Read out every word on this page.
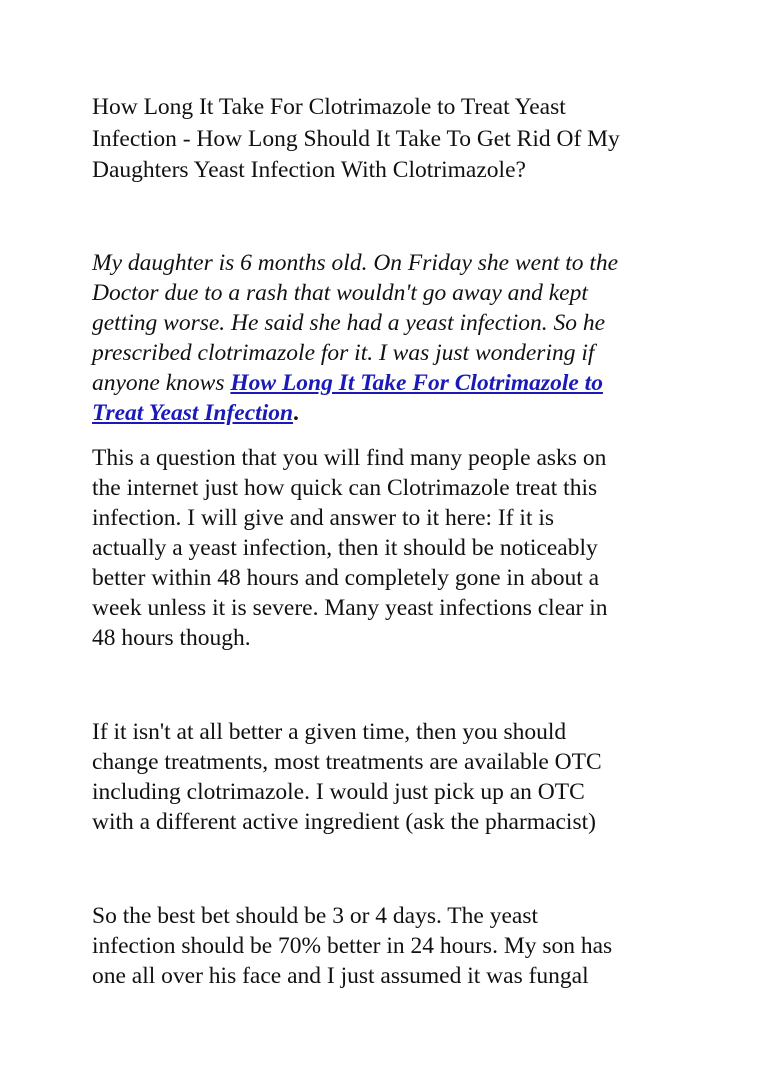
How Long It Take For Clotrimazole to Treat Yeast
Infection - How Long Should It Take To Get Rid Of My
Daughters Yeast Infection With Clotrimazole?
My daughter is 6 months old. On Friday she went to the
Doctor due to a rash that wouldn't go away and kept
getting worse. He said she had a yeast infection. So he
prescribed clotrimazole for it. I was just wondering if
anyone knows How Long It Take For Clotrimazole to
Treat Yeast Infection.
This a question that you will find many people asks on
the internet just how quick can Clotrimazole treat this
infection. I will give and answer to it here: If it is
actually a yeast infection, then it should be noticeably
better within 48 hours and completely gone in about a
week unless it is severe. Many yeast infections clear in
48 hours though.
If it isn't at all better a given time, then you should
change treatments, most treatments are available OTC
including clotrimazole. I would just pick up an OTC
with a different active ingredient (ask the pharmacist)
So the best bet should be 3 or 4 days. The yeast
infection should be 70% better in 24 hours. My son has
one all over his face and I just assumed it was fungal
